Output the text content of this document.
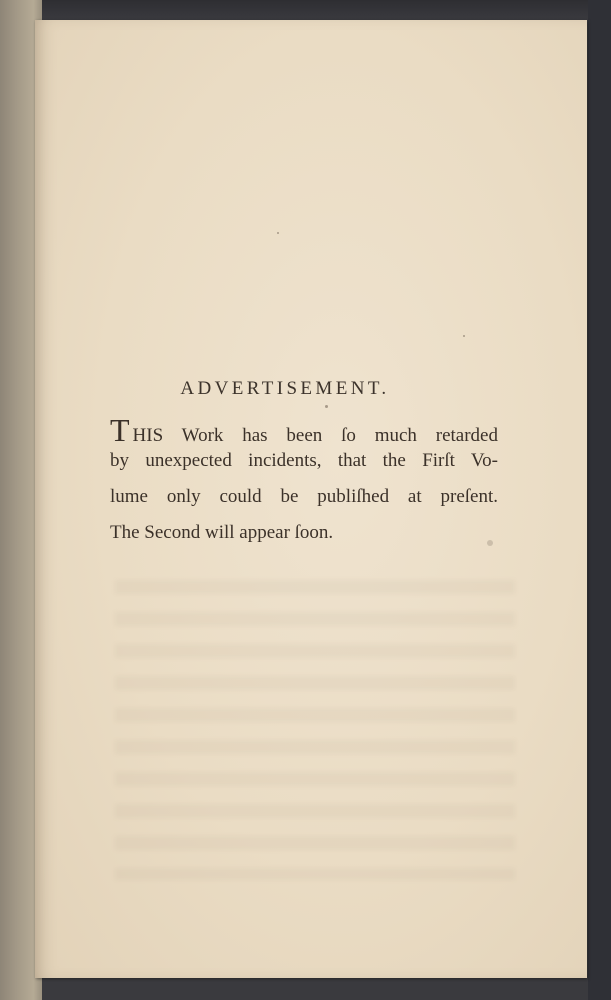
ADVERTISEMENT.
T HIS Work has been ſo much retarded
by unexpected incidents, that the Firſt Vo-
lume only could be publiſhed at preſent.
The Second will appear ſoon.
